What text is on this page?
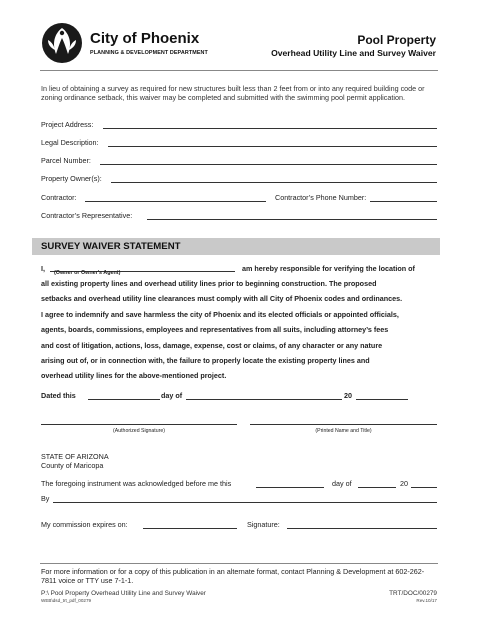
City of Phoenix
PLANNING & DEVELOPMENT DEPARTMENT
Pool Property
Overhead Utility Line and Survey Waiver
In lieu of obtaining a survey as required for new structures built less than 2 feet from or into any required building code or zoning ordinance setback, this waiver may be completed and submitted with the swimming pool permit application.
Project Address:
Legal Description:
Parcel Number:
Property Owner(s):
Contractor:	Contractor’s Phone Number:
Contractor’s Representative:
SURVEY WAIVER STATEMENT
I, (Owner or Owner's Agent)	am hereby responsible for verifying the location of
all existing property lines and overhead utility lines prior to beginning construction. The proposed
setbacks and overhead utility line clearances must comply with all City of Phoenix codes and ordinances.
I agree to indemnify and save harmless the city of Phoenix and its elected officials or appointed officials,
agents, boards, commissions, employees and representatives from all suits, including attorney’s fees
and cost of litigation, actions, loss, damage, expense, cost or claims, of any character or any nature
arising out of, or in connection with, the failure to properly locate the existing property lines and
overhead utility lines for the above-mentioned project.
Dated this	day of	20
(Authorized Signature)	(Printed Name and Title)
STATE OF ARIZONA
County of Maricopa
The foregoing instrument was acknowledged before me this	day of	20
By
My commission expires on:	Signature:
For more information or for a copy of this publication in an alternate format, contact Planning & Development at 602-262-7811 voice or TTY use 7-1-1.
P:\ Pool Property Overhead Utility Line and Survey Waiver
WEB\dsd_trt_pdf_00279
TRT/DOC/00279
Rev.10/17
